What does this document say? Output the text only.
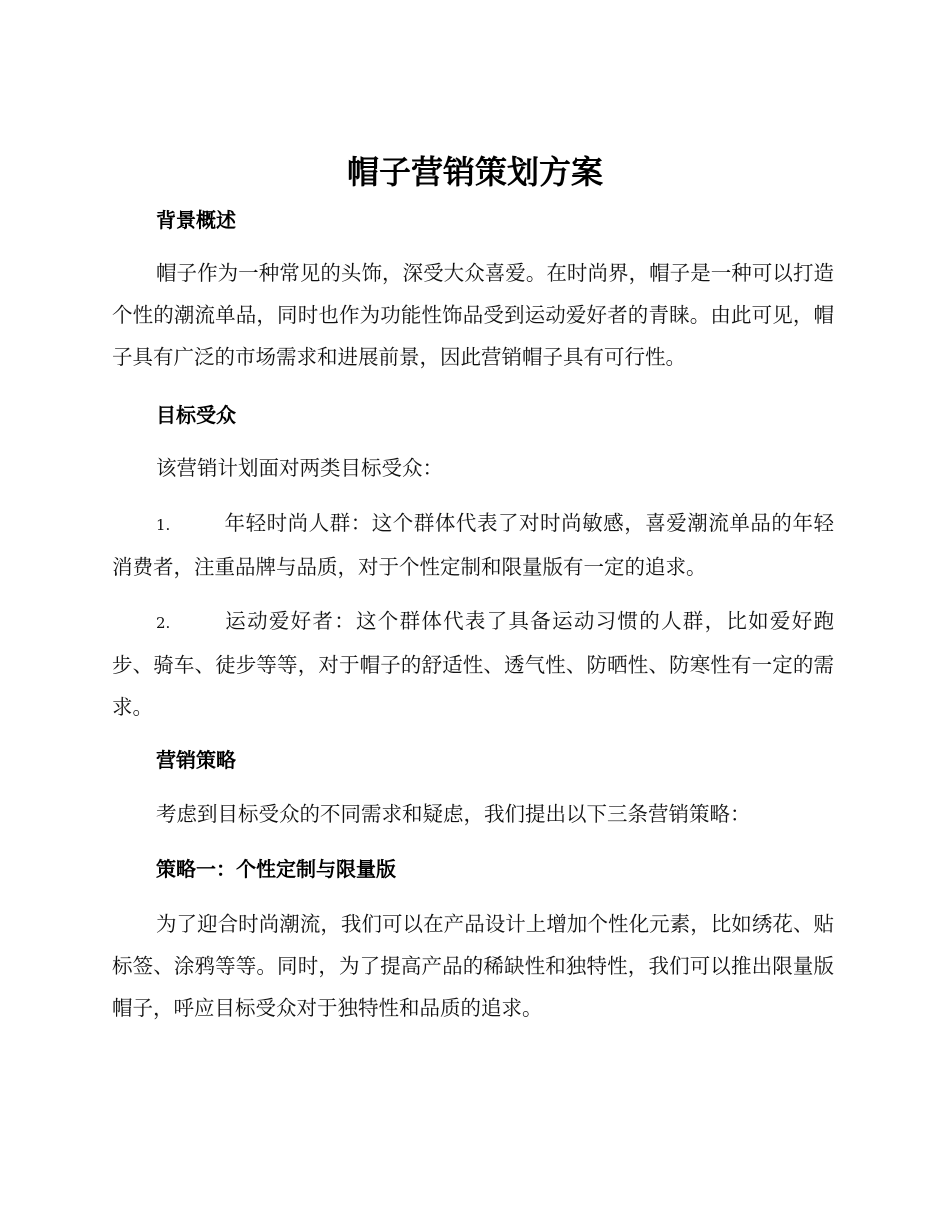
帽子营销策划方案
背景概述

帽子作为一种常见的头饰，深受大众喜爱。在时尚界，帽子是一种可以打造个性的潮流单品，同时也作为功能性饰品受到运动爱好者的青睐。由此可见，帽子具有广泛的市场需求和进展前景，因此营销帽子具有可行性。

目标受众

该营销计划面对两类目标受众：

1.	年轻时尚人群：这个群体代表了对时尚敏感，喜爱潮流单品的年轻消费者，注重品牌与品质，对于个性定制和限量版有一定的追求。

2.	运动爱好者：这个群体代表了具备运动习惯的人群，比如爱好跑步、骑车、徒步等等，对于帽子的舒适性、透气性、防晒性、防寒性有一定的需求。

营销策略

考虑到目标受众的不同需求和疑虑，我们提出以下三条营销策略：

策略一：个性定制与限量版

为了迎合时尚潮流，我们可以在产品设计上增加个性化元素，比如绣花、贴标签、涂鸦等等。同时，为了提高产品的稀缺性和独特性，我们可以推出限量版帽子，呼应目标受众对于独特性和品质的追求。
